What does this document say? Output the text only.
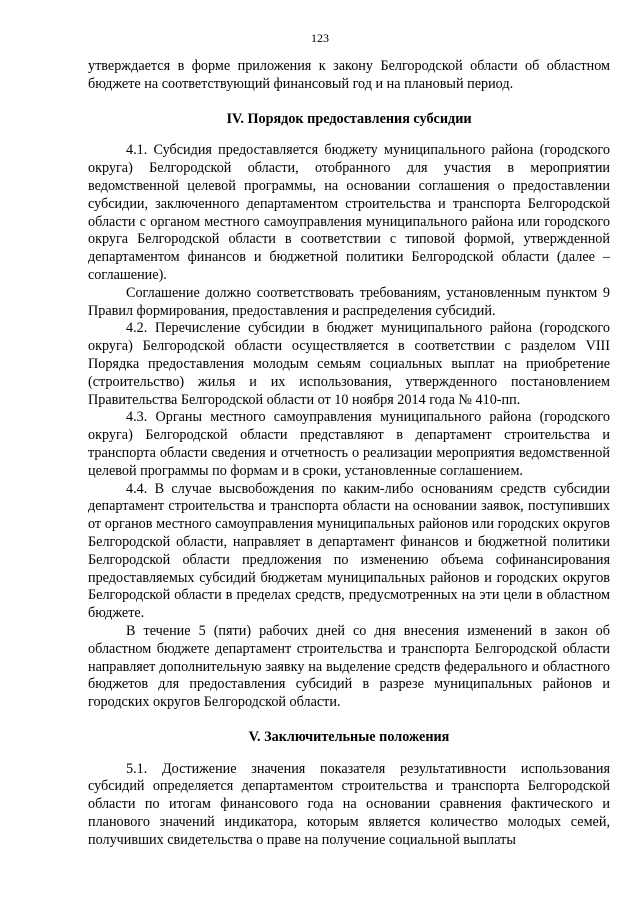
123

утверждается в форме приложения к закону Белгородской области об областном бюджете на соответствующий финансовый год и на плановый период.

IV. Порядок предоставления субсидии

4.1. Субсидия предоставляется бюджету муниципального района (городского округа) Белгородской области, отобранного для участия в мероприятии ведомственной целевой программы, на основании соглашения о предоставлении субсидии, заключенного департаментом строительства и транспорта Белгородской области с органом местного самоуправления муниципального района или городского округа Белгородской области в соответствии с типовой формой, утвержденной департаментом финансов и бюджетной политики Белгородской области (далее – соглашение).

Соглашение должно соответствовать требованиям, установленным пунктом 9 Правил формирования, предоставления и распределения субсидий.

4.2. Перечисление субсидии в бюджет муниципального района (городского округа) Белгородской области осуществляется в соответствии с разделом VIII Порядка предоставления молодым семьям социальных выплат на приобретение (строительство) жилья и их использования, утвержденного постановлением Правительства Белгородской области от 10 ноября 2014 года № 410-пп.

4.3. Органы местного самоуправления муниципального района (городского округа) Белгородской области представляют в департамент строительства и транспорта области сведения и отчетность о реализации мероприятия ведомственной целевой программы по формам и в сроки, установленные соглашением.

4.4. В случае высвобождения по каким-либо основаниям средств субсидии департамент строительства и транспорта области на основании заявок, поступивших от органов местного самоуправления муниципальных районов или городских округов Белгородской области, направляет в департамент финансов и бюджетной политики Белгородской области предложения по изменению объема софинансирования предоставляемых субсидий бюджетам муниципальных районов и городских округов Белгородской области в пределах средств, предусмотренных на эти цели в областном бюджете.

В течение 5 (пяти) рабочих дней со дня внесения изменений в закон об областном бюджете департамент строительства и транспорта Белгородской области направляет дополнительную заявку на выделение средств федерального и областного бюджетов для предоставления субсидий в разрезе муниципальных районов и городских округов Белгородской области.

V. Заключительные положения

5.1. Достижение значения показателя результативности использования субсидий определяется департаментом строительства и транспорта Белгородской области по итогам финансового года на основании сравнения фактического и планового значений индикатора, которым является количество молодых семей, получивших свидетельства о праве на получение социальной выплаты
